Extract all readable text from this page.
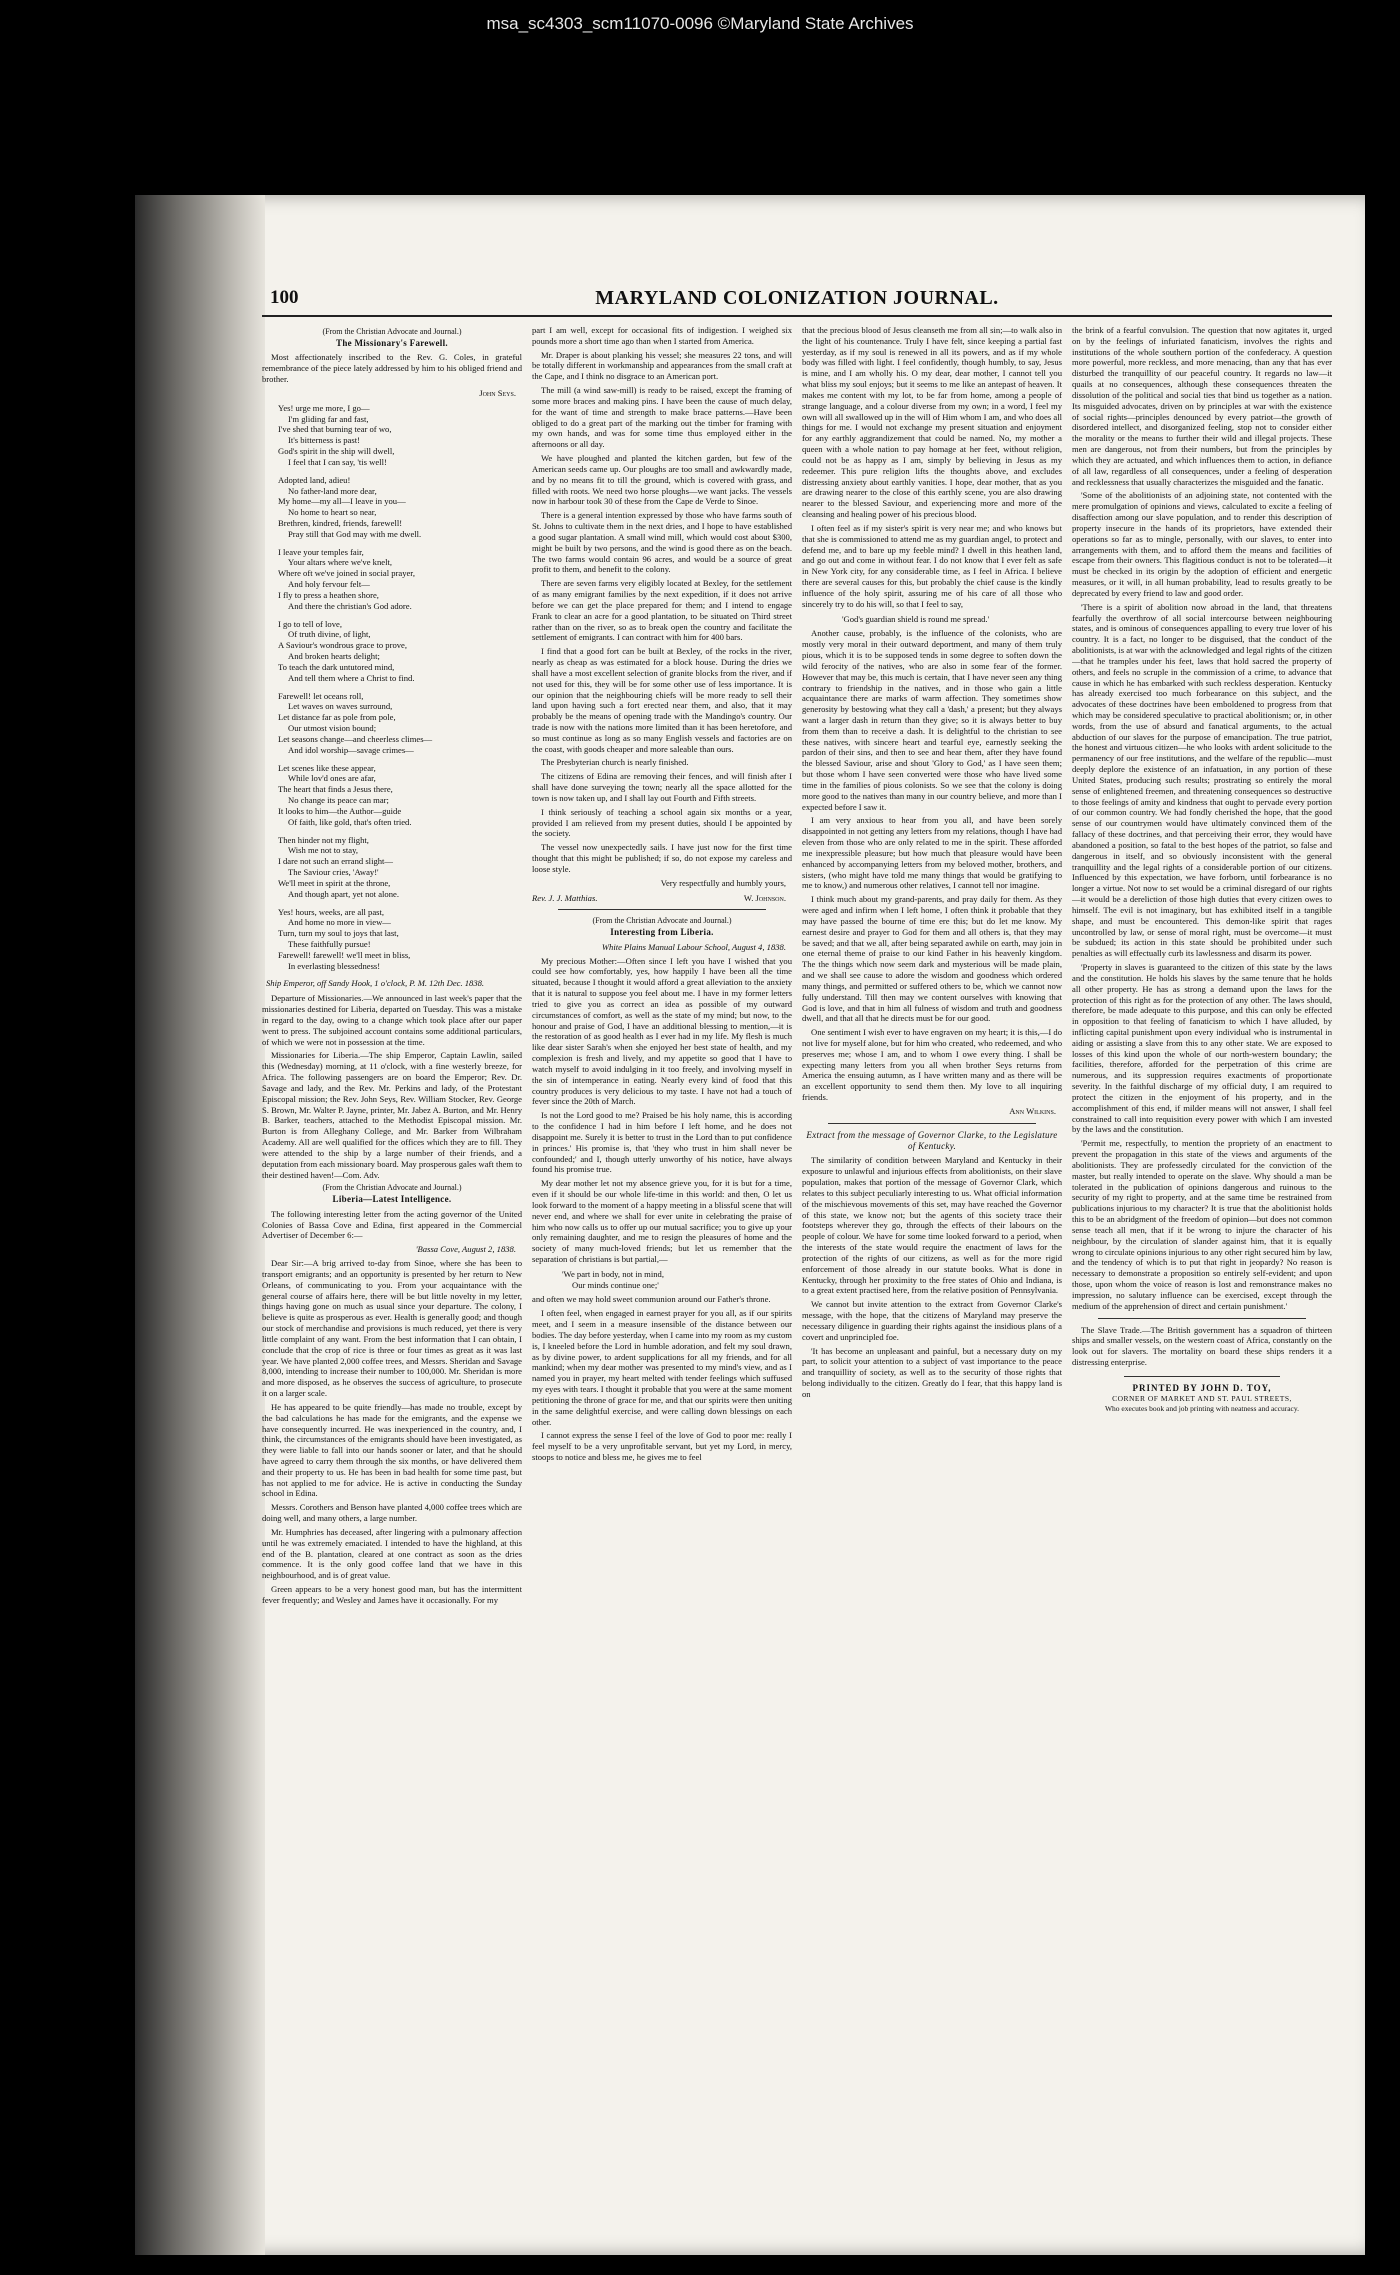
msa_sc4303_scm11070-0096 ©Maryland State Archives
100	MARYLAND COLONIZATION JOURNAL.
(From the Christian Advocate and Journal.)
The Missionary's Farewell.

Most affectionately inscribed to the Rev. G. Coles, in grateful remembrance of the piece lately addressed by him to his obliged friend and brother.

John Seys.
Yes! urge me more, I go—
I'm gliding far and fast,
I've shed that burning tear of wo,
It's bitterness is past!
God's spirit in the ship will dwell,
I feel that I can say, 'tis well!
Adopted land, adieu!
No father-land more dear,
My home—my all—I leave in you—
No home to heart so near,
Brethren, kindred, friends, farewell!
Pray still that God may with me dwell.
I leave your temples fair,
Your altars where we've knelt,
Where oft we've joined in social prayer,
And holy fervour felt—
I fly to press a heathen shore,
And there the christian's God adore.
I go to tell of love,
Of truth divine, of light,
A Saviour's wondrous grace to prove,
And broken hearts delight;
To teach the dark untutored mind,
And tell them where a Christ to find.
Farewell! let oceans roll,
Let waves on waves surround,
Let distance far as pole from pole,
Our utmost vision bound;
Let seasons change—and cheerless climes—
And idol worship—savage crimes—
Let scenes like these appear,
While lov'd ones are afar,
The heart that finds a Jesus there,
No change its peace can mar;
It looks to him—the Author—guide
Of faith, like gold, that's often tried.
Then hinder not my flight,
Wish me not to stay,
I dare not such an errand slight—
The Saviour cries, 'Away!'
We'll meet in spirit at the throne,
And though apart, yet not alone.
Yes! hours, weeks, are all past,
And home no more in view—
Turn, turn my soul to joys that last,
These faithfully pursue!
Farewell! farewell! we'll meet in bliss,
In everlasting blessedness!
Ship Emperor, off Sandy Hook, 1 o'clock, P. M. 12th Dec. 1838.

Departure of Missionaries.—We announced in last week's paper that the missionaries destined for Liberia, departed on Tuesday. This was a mistake in regard to the day, owing to a change which took place after our paper went to press. The subjoined account contains some additional particulars, of which we were not in possession at the time.

Missionaries for Liberia.—The ship Emperor, Captain Lawlin, sailed this (Wednesday) morning, at 11 o'clock, with a fine westerly breeze, for Africa. The following passengers are on board the Emperor; Rev. Dr. Savage and lady, and the Rev. Mr. Perkins and lady, of the Protestant Episcopal mission; the Rev. John Seys, Rev. William Stocker, Rev. George S. Brown, Mr. Walter P. Jayne, printer, Mr. Jabez A. Burton, and Mr. Henry B. Barker, teachers, attached to the Methodist Episcopal mission. Mr. Burton is from Alleghany College, and Mr. Barker from Wilbraham Academy. All are well qualified for the offices which they are to fill. They were attended to the ship by a large number of their friends, and a deputation from each missionary board. May prosperous gales waft them to their destined haven!—Com. Adv.

(From the Christian Advocate and Journal.)
Liberia—Latest Intelligence.

The following interesting letter from the acting governor of the United Colonies of Bassa Cove and Edina, first appeared in the Commercial Advertiser of December 6:—

'Bassa Cove, August 2, 1838.

Dear Sir:—A brig arrived to-day from Sinoe, where she has been to transport emigrants; and an opportunity is presented by her return to New Orleans, of communicating to you. From your acquaintance with the general course of affairs here, there will be but little novelty in my letter, things having gone on much as usual since your departure. The colony, I believe is quite as prosperous as ever. Health is generally good; and though our stock of merchandise and provisions is much reduced, yet there is very little complaint of any want. From the best information that I can obtain, I conclude that the crop of rice is three or four times as great as it was last year. We have planted 2,000 coffee trees, and Messrs. Sheridan and Savage 8,000, intending to increase their number to 100,000. Mr. Sheridan is more and more disposed, as he observes the success of agriculture, to prosecute it on a larger scale.

He has appeared to be quite friendly—has made no trouble, except by the bad calculations he has made for the emigrants, and the expense we have consequently incurred. He was inexperienced in the country, and, I think, the circumstances of the emigrants should have been investigated, as they were liable to fall into our hands sooner or later, and that he should have agreed to carry them through the six months, or have delivered them and their property to us. He has been in bad health for some time past, but has not applied to me for advice. He is active in conducting the Sunday school in Edina.

Messrs. Corothers and Benson have planted 4,000 coffee trees which are doing well, and many others, a large number.

Mr. Humphries has deceased, after lingering with a pulmonary affection until he was extremely emaciated. I intended to have the highland, at this end of the B. plantation, cleared at one contract as soon as the dries commence. It is the only good coffee land that we have in this neighbourhood, and is of great value.

Green appears to be a very honest good man, but has the intermittent fever frequently; and Wesley and James have it occasionally. For my

part I am well, except for occasional fits of indigestion. I weighed six pounds more a short time ago than when I started from America.

Mr. Draper is about planking his vessel; she measures 22 tons, and will be totally different in workmanship and appearances from the small craft at the Cape, and I think no disgrace to an American port.

The mill (a wind saw-mill) is ready to be raised, except the framing of some more braces and making pins. I have been the cause of much delay, for the want of time and strength to make brace patterns.—Have been obliged to do a great part of the marking out the timber for framing with my own hands, and was for some time thus employed either in the afternoons or all day.

We have ploughed and planted the kitchen garden, but few of the American seeds came up. Our ploughs are too small and awkwardly made, and by no means fit to till the ground, which is covered with grass, and filled with roots. We need two horse ploughs—we want jacks. The vessels now in harbour took 30 of these from the Cape de Verde to Sinoe.

There is a general intention expressed by those who have farms south of St. Johns to cultivate them in the next dries, and I hope to have established a good sugar plantation. A small wind mill, which would cost about $300, might be built by two persons, and the wind is good there as on the beach. The two farms would contain 96 acres, and would be a source of great profit to them, and benefit to the colony.

There are seven farms very eligibly located at Bexley, for the settlement of as many emigrant families by the next expedition, if it does not arrive before we can get the place prepared for them; and I intend to engage Frank to clear an acre for a good plantation, to be situated on Third street rather than on the river, so as to break open the country and facilitate the settlement of emigrants. I can contract with him for 400 bars.

I find that a good fort can be built at Bexley, of the rocks in the river, nearly as cheap as was estimated for a block house. During the dries we shall have a most excellent selection of granite blocks from the river, and if not used for this, they will be for some other use of less importance. It is our opinion that the neighbouring chiefs will be more ready to sell their land upon having such a fort erected near them, and also, that it may probably be the means of opening trade with the Mandingo's country. Our trade is now with the nations more limited than it has been heretofore, and so must continue as long as so many English vessels and factories are on the coast, with goods cheaper and more saleable than ours.

The Presbyterian church is nearly finished.

The citizens of Edina are removing their fences, and will finish after I shall have done surveying the town; nearly all the space allotted for the town is now taken up, and I shall lay out Fourth and Fifth streets.

I think seriously of teaching a school again six months or a year, provided I am relieved from my present duties, should I be appointed by the society.

The vessel now unexpectedly sails. I have just now for the first time thought that this might be published; if so, do not expose my careless and loose style.

Very respectfully and humbly yours,
Rev. J. J. Matthias.	W. Johnson.
(From the Christian Advocate and Journal.)
Interesting from Liberia.
White Plains Manual Labour School, August 4, 1838.

My precious Mother:—Often since I left you have I wished that you could see how comfortably, yes, how happily I have been all the time situated, because I thought it would afford a great alleviation to the anxiety that it is natural to suppose you feel about me. I have in my former letters tried to give you as correct an idea as possible of my outward circumstances of comfort, as well as the state of my mind; but now, to the honour and praise of God, I have an additional blessing to mention,—it is the restoration of as good health as I ever had in my life. My flesh is much like dear sister Sarah's when she enjoyed her best state of health, and my complexion is fresh and lively, and my appetite so good that I have to watch myself to avoid indulging in it too freely, and involving myself in the sin of intemperance in eating. Nearly every kind of food that this country produces is very delicious to my taste. I have not had a touch of fever since the 20th of March.

Is not the Lord good to me? Praised be his holy name, this is according to the confidence I had in him before I left home, and he does not disappoint me. Surely it is better to trust in the Lord than to put confidence in princes.' His promise is, that 'they who trust in him shall never be confounded;' and I, though utterly unworthy of his notice, have always found his promise true.

My dear mother let not my absence grieve you, for it is but for a time, even if it should be our whole life-time in this world: and then, O let us look forward to the moment of a happy meeting in a blissful scene that will never end, and where we shall for ever unite in celebrating the praise of him who now calls us to offer up our mutual sacrifice; you to give up your only remaining daughter, and me to resign the pleasures of home and the society of many much-loved friends; but let us remember that the separation of christians is but partial,—

'We part in body, not in mind,
Our minds continue one;'

and often we may hold sweet communion around our Father's throne.

I often feel, when engaged in earnest prayer for you all, as if our spirits meet, and I seem in a measure insensible of the distance between our bodies. The day before yesterday, when I came into my room as my custom is, I kneeled before the Lord in humble adoration, and felt my soul drawn, as by divine power, to ardent supplications for all my friends, and for all mankind; when my dear mother was presented to my mind's view, and as I named you in prayer, my heart melted with tender feelings which suffused my eyes with tears. I thought it probable that you were at the same moment petitioning the throne of grace for me, and that our spirits were then uniting in the same delightful exercise, and were calling down blessings on each other.

I cannot express the sense I feel of the love of God to poor me: really I feel myself to be a very unprofitable servant, but yet my Lord, in mercy, stoops to notice and bless me, he gives me to feel

that the precious blood of Jesus cleanseth me from all sin;—to walk also in the light of his countenance. Truly I have felt, since keeping a partial fast yesterday, as if my soul is renewed in all its powers, and as if my whole body was filled with light. I feel confidently, though humbly, to say, Jesus is mine, and I am wholly his. O my dear, dear mother, I cannot tell you what bliss my soul enjoys; but it seems to me like an antepast of heaven. It makes me content with my lot, to be far from home, among a people of strange language, and a colour diverse from my own; in a word, I feel my own will all swallowed up in the will of Him whom I am, and who does all things for me. I would not exchange my present situation and enjoyment for any earthly aggrandizement that could be named. No, my mother a queen with a whole nation to pay homage at her feet, without religion, could not be as happy as I am, simply by believing in Jesus as my redeemer. This pure religion lifts the thoughts above, and excludes distressing anxiety about earthly vanities. I hope, dear mother, that as you are drawing nearer to the close of this earthly scene, you are also drawing nearer to the blessed Saviour, and experiencing more and more of the cleansing and healing power of his precious blood.

I often feel as if my sister's spirit is very near me; and who knows but that she is commissioned to attend me as my guardian angel, to protect and defend me, and to bare up my feeble mind? I dwell in this heathen land, and go out and come in without fear. I do not know that I ever felt as safe in New York city, for any considerable time, as I feel in Africa. I believe there are several causes for this, but probably the chief cause is the kindly influence of the holy spirit, assuring me of his care of all those who sincerely try to do his will, so that I feel to say,

'God's guardian shield is round me spread.'

Another cause, probably, is the influence of the colonists, who are mostly very moral in their outward deportment, and many of them truly pious, which it is to be supposed tends in some degree to soften down the wild ferocity of the natives, who are also in some fear of the former. However that may be, this much is certain, that I have never seen any thing contrary to friendship in the natives, and in those who gain a little acquaintance there are marks of warm affection. They sometimes show generosity by bestowing what they call a 'dash,' a present; but they always want a larger dash in return than they give; so it is always better to buy from them than to receive a dash. It is delightful to the christian to see these natives, with sincere heart and tearful eye, earnestly seeking the pardon of their sins, and then to see and hear them, after they have found the blessed Saviour, arise and shout 'Glory to God,' as I have seen them; but those whom I have seen converted were those who have lived some time in the families of pious colonists. So we see that the colony is doing more good to the natives than many in our country believe, and more than I expected before I saw it.

I am very anxious to hear from you all, and have been sorely disappointed in not getting any letters from my relations, though I have had eleven from those who are only related to me in the spirit. These afforded me inexpressible pleasure; but how much that pleasure would have been enhanced by accompanying letters from my beloved mother, brothers, and sisters, (who might have told me many things that would be gratifying to me to know,) and numerous other relatives, I cannot tell nor imagine.

I think much about my grand-parents, and pray daily for them. As they were aged and infirm when I left home, I often think it probable that they may have passed the bourne of time ere this; but do let me know. My earnest desire and prayer to God for them and all others is, that they may be saved; and that we all, after being separated awhile on earth, may join in one eternal theme of praise to our kind Father in his heavenly kingdom. The the things which now seem dark and mysterious will be made plain, and we shall see cause to adore the wisdom and goodness which ordered many things, and permitted or suffered others to be, which we cannot now fully understand. Till then may we content ourselves with knowing that God is love, and that in him all fulness of wisdom and truth and goodness dwell, and that all that he directs must be for our good.

One sentiment I wish ever to have engraven on my heart; it is this,—I do not live for myself alone, but for him who created, who redeemed, and who preserves me; whose I am, and to whom I owe every thing. I shall be expecting many letters from you all when brother Seys returns from America the ensuing autumn, as I have written many and as there will be an excellent opportunity to send them then. My love to all inquiring friends.

Ann Wilkins.
Extract from the message of Governor Clarke, to the Legislature of Kentucky.

The similarity of condition between Maryland and Kentucky in their exposure to unlawful and injurious effects from abolitionists, on their slave population, makes that portion of the message of Governor Clark, which relates to this subject peculiarly interesting to us. What official information of the mischievous movements of this set, may have reached the Governor of this state, we know not; but the agents of this society trace their footsteps wherever they go, through the effects of their labours on the people of colour. We have for some time looked forward to a period, when the interests of the state would require the enactment of laws for the protection of the rights of our citizens, as well as for the more rigid enforcement of those already in our statute books. What is done in Kentucky, through her proximity to the free states of Ohio and Indiana, is to a great extent practised here, from the relative position of Pennsylvania.

We cannot but invite attention to the extract from Governor Clarke's message, with the hope, that the citizens of Maryland may preserve the necessary diligence in guarding their rights against the insidious plans of a covert and unprincipled foe.

'It has become an unpleasant and painful, but a necessary duty on my part, to solicit your attention to a subject of vast importance to the peace and tranquillity of society, as well as to the security of those rights that belong individually to the citizen. Greatly do I fear, that this happy land is on

the brink of a fearful convulsion. The question that now agitates it, urged on by the feelings of infuriated fanaticism, involves the rights and institutions of the whole southern portion of the confederacy. A question more powerful, more reckless, and more menacing, than any that has ever disturbed the tranquillity of our peaceful country. It regards no law—it quails at no consequences, although these consequences threaten the dissolution of the political and social ties that bind us together as a nation. Its misguided advocates, driven on by principles at war with the existence of social rights—principles denounced by every patriot—the growth of disordered intellect, and disorganized feeling, stop not to consider either the morality or the means to further their wild and illegal projects. These men are dangerous, not from their numbers, but from the principles by which they are actuated, and which influences them to action, in defiance of all law, regardless of all consequences, under a feeling of desperation and recklessness that usually characterizes the misguided and the fanatic.

'Some of the abolitionists of an adjoining state, not contented with the mere promulgation of opinions and views, calculated to excite a feeling of disaffection among our slave population, and to render this description of property insecure in the hands of its proprietors, have extended their operations so far as to mingle, personally, with our slaves, to enter into arrangements with them, and to afford them the means and facilities of escape from their owners. This flagitious conduct is not to be tolerated—it must be checked in its origin by the adoption of efficient and energetic measures, or it will, in all human probability, lead to results greatly to be deprecated by every friend to law and good order.

'There is a spirit of abolition now abroad in the land, that threatens fearfully the overthrow of all social intercourse between neighbouring states, and is ominous of consequences appalling to every true lover of his country. It is a fact, no longer to be disguised, that the conduct of the abolitionists, is at war with the acknowledged and legal rights of the citizen—that he tramples under his feet, laws that hold sacred the property of others, and feels no scruple in the commission of a crime, to advance that cause in which he has embarked with such reckless desperation. Kentucky has already exercised too much forbearance on this subject, and the advocates of these doctrines have been emboldened to progress from that which may be considered speculative to practical abolitionism; or, in other words, from the use of absurd and fanatical arguments, to the actual abduction of our slaves for the purpose of emancipation. The true patriot, the honest and virtuous citizen—he who looks with ardent solicitude to the permanency of our free institutions, and the welfare of the republic—must deeply deplore the existence of an infatuation, in any portion of these United States, producing such results; prostrating so entirely the moral sense of enlightened freemen, and threatening consequences so destructive to those feelings of amity and kindness that ought to pervade every portion of our common country. We had fondly cherished the hope, that the good sense of our countrymen would have ultimately convinced them of the fallacy of these doctrines, and that perceiving their error, they would have abandoned a position, so fatal to the best hopes of the patriot, so false and dangerous in itself, and so obviously inconsistent with the general tranquillity and the legal rights of a considerable portion of our citizens. Influenced by this expectation, we have forborn, until forbearance is no longer a virtue. Not now to set would be a criminal disregard of our rights—it would be a dereliction of those high duties that every citizen owes to himself. The evil is not imaginary, but has exhibited itself in a tangible shape, and must be encountered. This demon-like spirit that rages uncontrolled by law, or sense of moral right, must be overcome—it must be subdued; its action in this state should be prohibited under such penalties as will effectually curb its lawlessness and disarm its power.

'Property in slaves is guaranteed to the citizen of this state by the laws and the constitution. He holds his slaves by the same tenure that he holds all other property. He has as strong a demand upon the laws for the protection of this right as for the protection of any other. The laws should, therefore, be made adequate to this purpose, and this can only be effected in opposition to that feeling of fanaticism to which I have alluded, by inflicting capital punishment upon every individual who is instrumental in aiding or assisting a slave from this to any other state. We are exposed to losses of this kind upon the whole of our north-western boundary; the facilities, therefore, afforded for the perpetration of this crime are numerous, and its suppression requires exactments of proportionate severity. In the faithful discharge of my official duty, I am required to protect the citizen in the enjoyment of his property, and in the accomplishment of this end, if milder means will not answer, I shall feel constrained to call into requisition every power with which I am invested by the laws and the constitution.

'Permit me, respectfully, to mention the propriety of an enactment to prevent the propagation in this state of the views and arguments of the abolitionists. They are professedly circulated for the conviction of the master, but really intended to operate on the slave. Why should a man be tolerated in the publication of opinions dangerous and ruinous to the security of my right to property, and at the same time be restrained from publications injurious to my character? It is true that the abolitionist holds this to be an abridgment of the freedom of opinion—but does not common sense teach all men, that if it be wrong to injure the character of his neighbour, by the circulation of slander against him, that it is equally wrong to circulate opinions injurious to any other right secured him by law, and the tendency of which is to put that right in jeopardy? No reason is necessary to demonstrate a proposition so entirely self-evident; and upon those, upon whom the voice of reason is lost and remonstrance makes no impression, no salutary influence can be exercised, except through the medium of the apprehension of direct and certain punishment.'

The Slave Trade.—The British government has a squadron of thirteen ships and smaller vessels, on the western coast of Africa, constantly on the look out for slavers. The mortality on board these ships renders it a distressing enterprise.

PRINTED BY JOHN D. TOY,
CORNER OF MARKET AND ST. PAUL STREETS,
Who executes book and job printing with neatness and accuracy.
